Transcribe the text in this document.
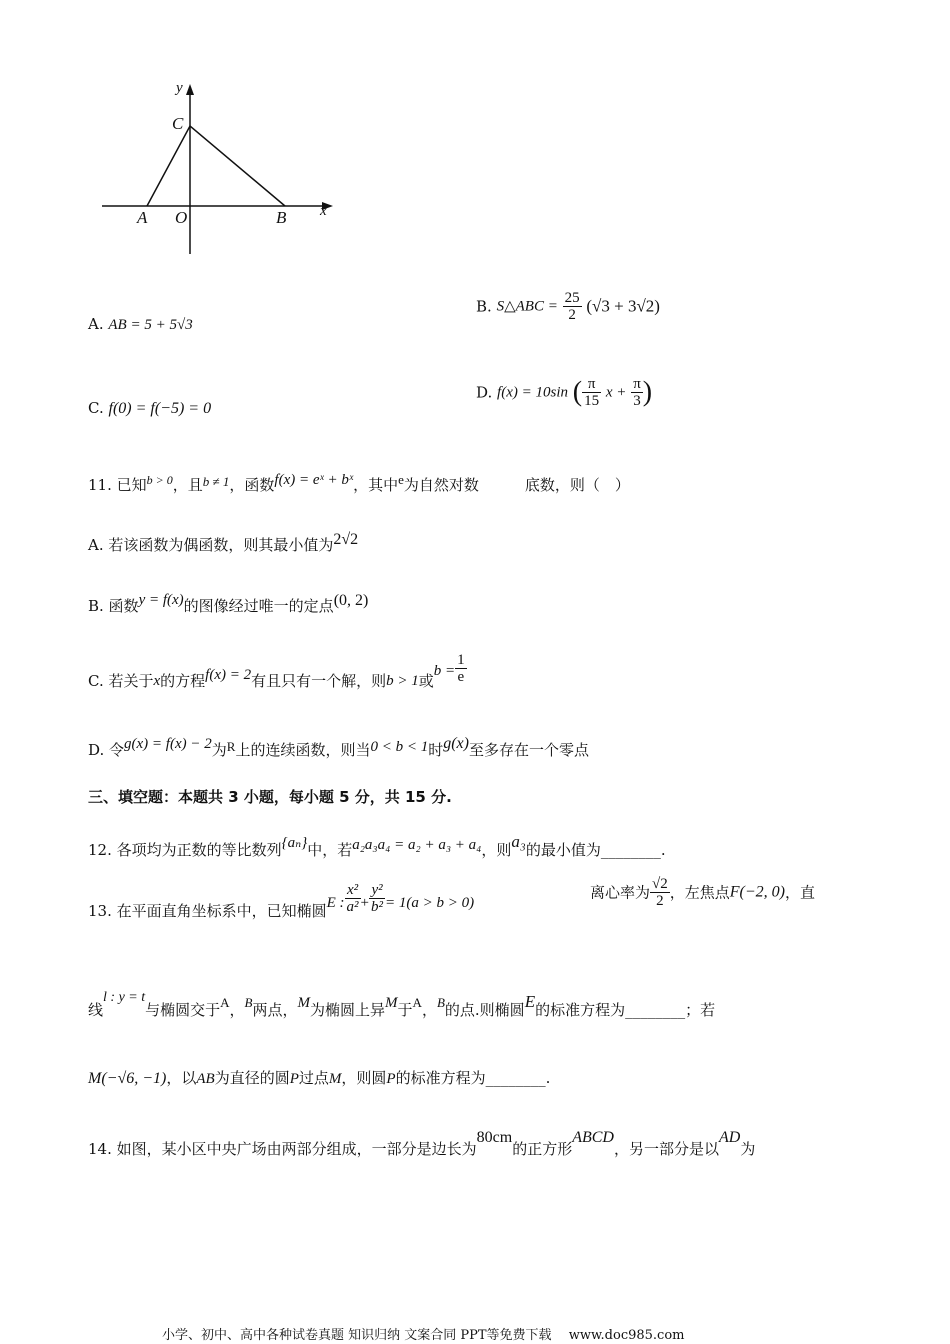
y
C
A O	B x
A. AB = 5 + 5√3
B. S△ABC = $\frac{25}{2} (√3 + 3√2)$
C. f(0) = f(−5) = 0
D. f(x) = 10sin ( $\frac{\pi}{15}$ $x + \frac{\pi}{3}$ )
11. 已知$^{b > 0}$，且b ≠ 1，函数f(x) = eˣ + bˣ，其中e为自然对数	底数，则（　）
A. 若该函数为偶函数，则其最小值为2√2
B. 函数y = f(x)的图像经过唯一的定点(0, 2)
C. 若关于x的方程f(x) = 2有且只有一个解，则b > 1或$b = \frac{1}{e}$
D. 令g(x) = f(x) − 2为R上的连续函数，则当0 < b < 1时g(x)至多存在一个零点
三、填空题：本题共 3 小题，每小题 5 分，共 15 分.
12. 各项均为正数的等比数列{aₙ}中，若a₂a₃a₄ = a₂ + a₃ + a₄，则a₃的最小值为________.
13. 在平面直角坐标系中，已知椭圆E : $\frac{\text{x²}}{\text{a²}} + \frac{\text{y²}}{\text{b²}} = 1(a > b > 0)$
离心率为 $\frac{√2}{2}$ ，左焦点F(−2, 0)，直
线l : y = t与椭圆交于A，B两点，M为椭圆上异M于A，B的点.则椭圆E的标准方程为________；若
M(−√6, −1)，以AB为直径的圆P过点M，则圆P的标准方程为________.
14. 如图，某小区中央广场由两部分组成，一部分是边长为80cm的正方形ABCD，另一部分是以AD为
小学、初中、高中各种试卷真题 知识归纳 文案合同 PPT等免费下载　 www.doc985.com
